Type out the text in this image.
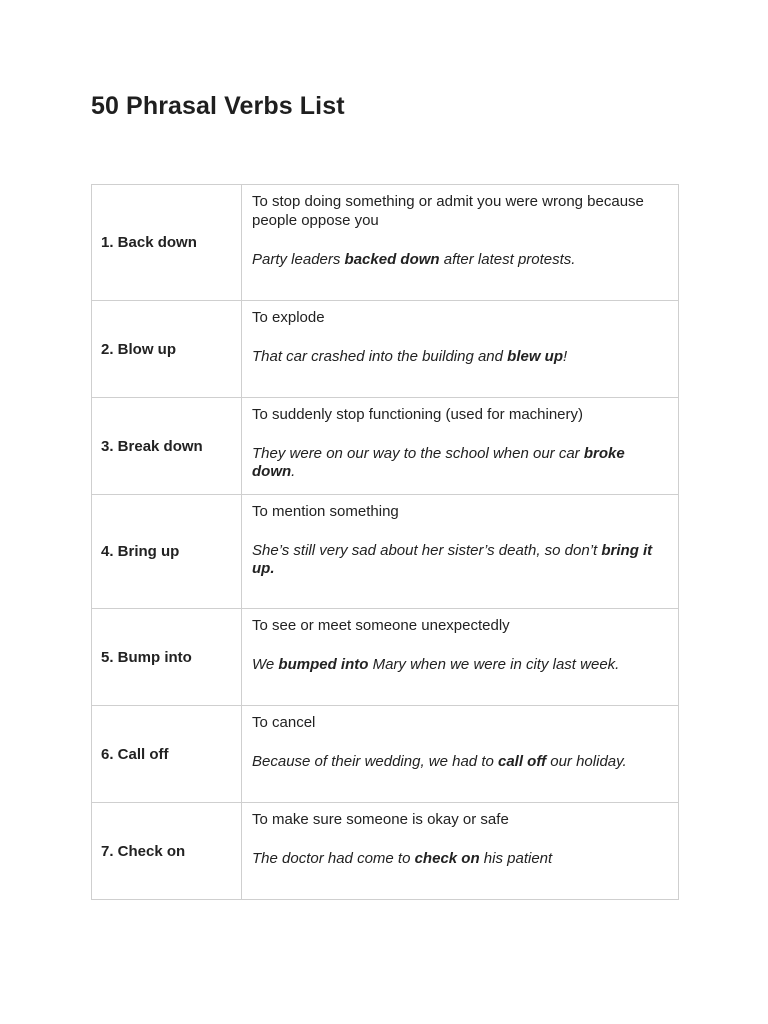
50 Phrasal Verbs List
1. Back down	To stop doing something or admit you were wrong because people oppose you
Party leaders backed down after latest protests.

2. Blow up	To explode
That car crashed into the building and blew up!

3. Break down	To suddenly stop functioning (used for machinery)
They were on our way to the school when our car broke down.

4. Bring up	To mention something
She’s still very sad about her sister’s death, so don’t bring it up.

5. Bump into	To see or meet someone unexpectedly
We bumped into Mary when we were in city last week.

6. Call off	To cancel
Because of their wedding, we had to call off our holiday.

7. Check on	To make sure someone is okay or safe
The doctor had come to check on his patient
